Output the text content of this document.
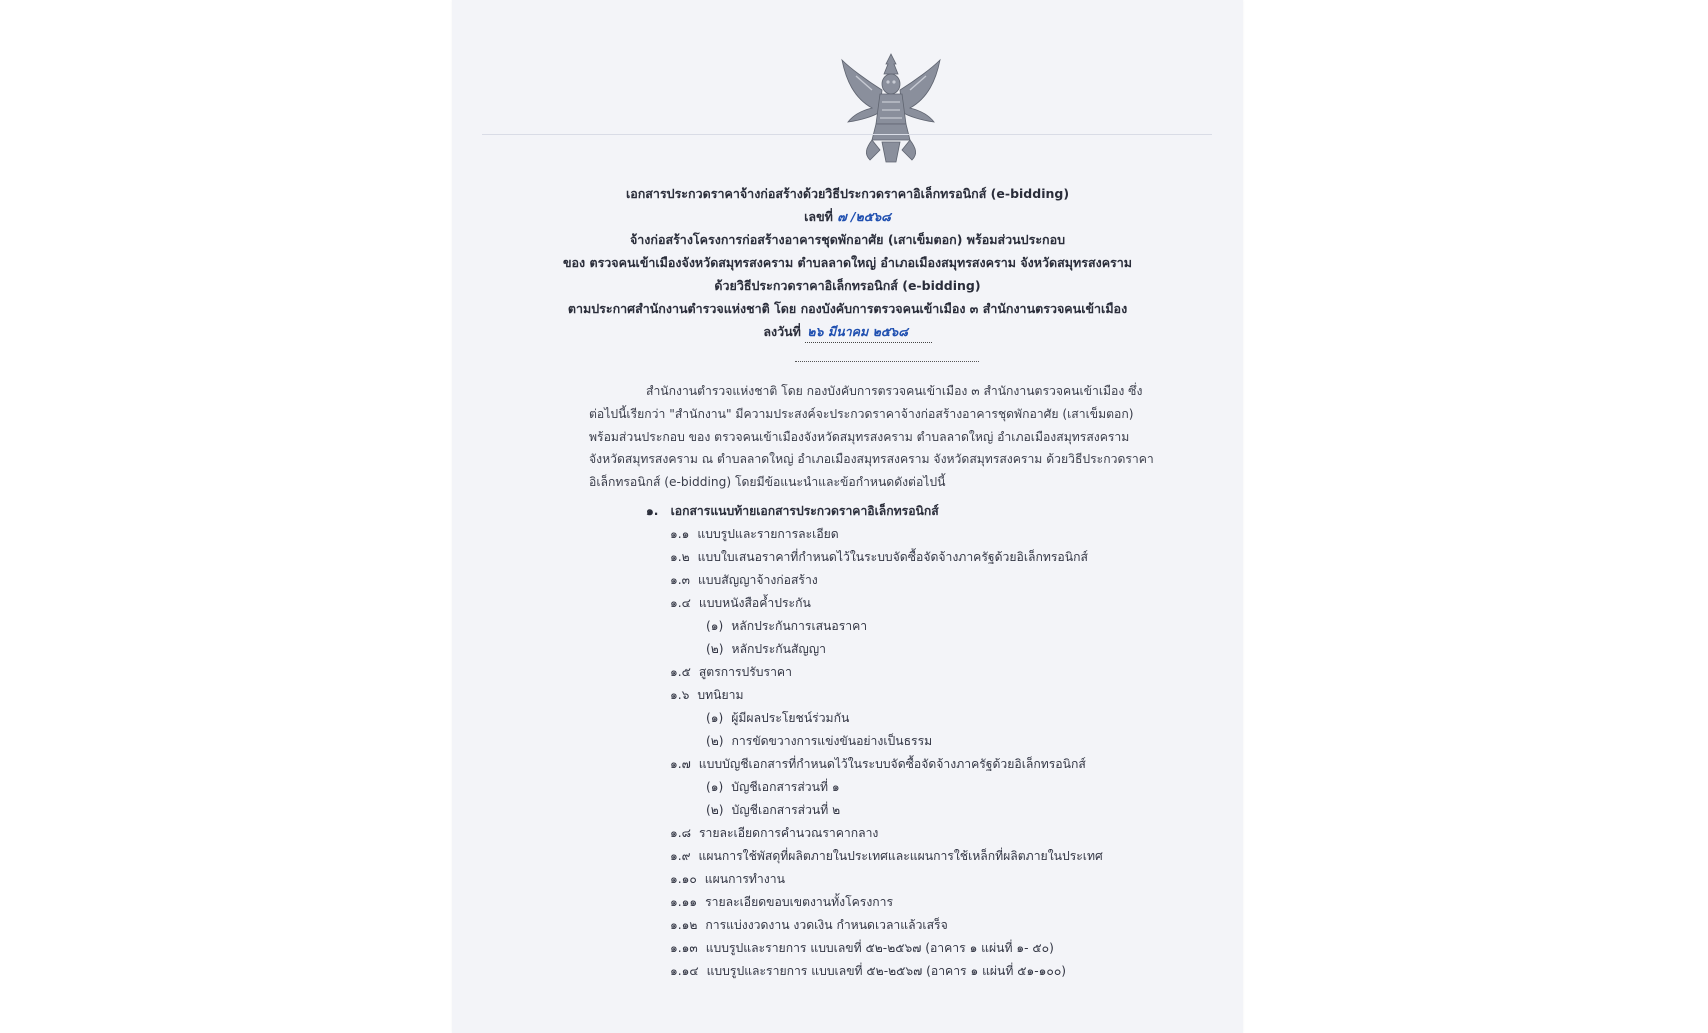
เอกสารประกวดราคาจ้างก่อสร้างด้วยวิธีประกวดราคาอิเล็กทรอนิกส์ (e-bidding)
เลขที่ ๗ /๒๕๖๘
จ้างก่อสร้างโครงการก่อสร้างอาคารชุดพักอาศัย (เสาเข็มตอก) พร้อมส่วนประกอบ
ของ ตรวจคนเข้าเมืองจังหวัดสมุทรสงคราม ตำบลลาดใหญ่ อำเภอเมืองสมุทรสงคราม จังหวัดสมุทรสงคราม
ด้วยวิธีประกวดราคาอิเล็กทรอนิกส์ (e-bidding)
ตามประกาศสำนักงานตำรวจแห่งชาติ โดย กองบังคับการตรวจคนเข้าเมือง ๓ สำนักงานตรวจคนเข้าเมือง
ลงวันที่ ๒๖ มีนาคม ๒๕๖๘
สำนักงานตำรวจแห่งชาติ โดย กองบังคับการตรวจคนเข้าเมือง ๓ สำนักงานตรวจคนเข้าเมือง ซึ่ง
ต่อไปนี้เรียกว่า "สำนักงาน" มีความประสงค์จะประกวดราคาจ้างก่อสร้างอาคารชุดพักอาศัย (เสาเข็มตอก)
พร้อมส่วนประกอบ ของ ตรวจคนเข้าเมืองจังหวัดสมุทรสงคราม ตำบลลาดใหญ่ อำเภอเมืองสมุทรสงคราม
จังหวัดสมุทรสงคราม ณ ตำบลลาดใหญ่ อำเภอเมืองสมุทรสงคราม จังหวัดสมุทรสงคราม ด้วยวิธีประกวดราคา
อิเล็กทรอนิกส์ (e-bidding) โดยมีข้อแนะนำและข้อกำหนดดังต่อไปนี้
๑. เอกสารแนบท้ายเอกสารประกวดราคาอิเล็กทรอนิกส์
๑.๑ แบบรูปและรายการละเอียด
๑.๒ แบบใบเสนอราคาที่กำหนดไว้ในระบบจัดซื้อจัดจ้างภาครัฐด้วยอิเล็กทรอนิกส์
๑.๓ แบบสัญญาจ้างก่อสร้าง
๑.๔ แบบหนังสือค้ำประกัน
(๑) หลักประกันการเสนอราคา
(๒) หลักประกันสัญญา
๑.๕ สูตรการปรับราคา
๑.๖ บทนิยาม
(๑) ผู้มีผลประโยชน์ร่วมกัน
(๒) การขัดขวางการแข่งขันอย่างเป็นธรรม
๑.๗ แบบบัญชีเอกสารที่กำหนดไว้ในระบบจัดซื้อจัดจ้างภาครัฐด้วยอิเล็กทรอนิกส์
(๑) บัญชีเอกสารส่วนที่ ๑
(๒) บัญชีเอกสารส่วนที่ ๒
๑.๘ รายละเอียดการคำนวณราคากลาง
๑.๙ แผนการใช้พัสดุที่ผลิตภายในประเทศและแผนการใช้เหล็กที่ผลิตภายในประเทศ
๑.๑๐ แผนการทำงาน
๑.๑๑ รายละเอียดขอบเขตงานทั้งโครงการ
๑.๑๒ การแบ่งงวดงาน งวดเงิน กำหนดเวลาแล้วเสร็จ
๑.๑๓ แบบรูปและรายการ แบบเลขที่ ๕๒-๒๕๖๗ (อาคาร ๑ แผ่นที่ ๑- ๕๐)
๑.๑๔ แบบรูปและรายการ แบบเลขที่ ๕๒-๒๕๖๗ (อาคาร ๑ แผ่นที่ ๕๑-๑๐๐)
